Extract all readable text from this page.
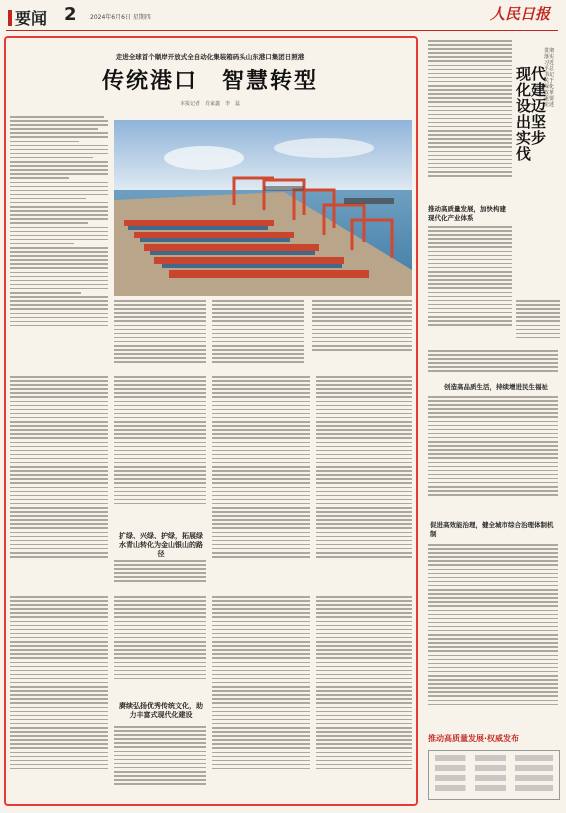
要闻 2 2024年6月6日 星期四	人民日报
走进全球首个顺岸开放式全自动化集装箱码头山东港口集团日照港
传统港口　智慧转型
本报记者　肖家鑫　李　蕊
扩绿、兴绿、护绿，拓展绿水青山转化为金山银山的路径
赓续弘扬优秀传统文化，助力丰富式现代化建设
贯彻落实习近平总书记关于深化改革重要论述
现代化建设迈出坚实步伐
推动高质量发展，加快构建现代化产业体系
创造高品质生活，持续增进民生福祉
促进高效能治理，健全城市综合治理体制机制
推动高质量发展·权威发布
